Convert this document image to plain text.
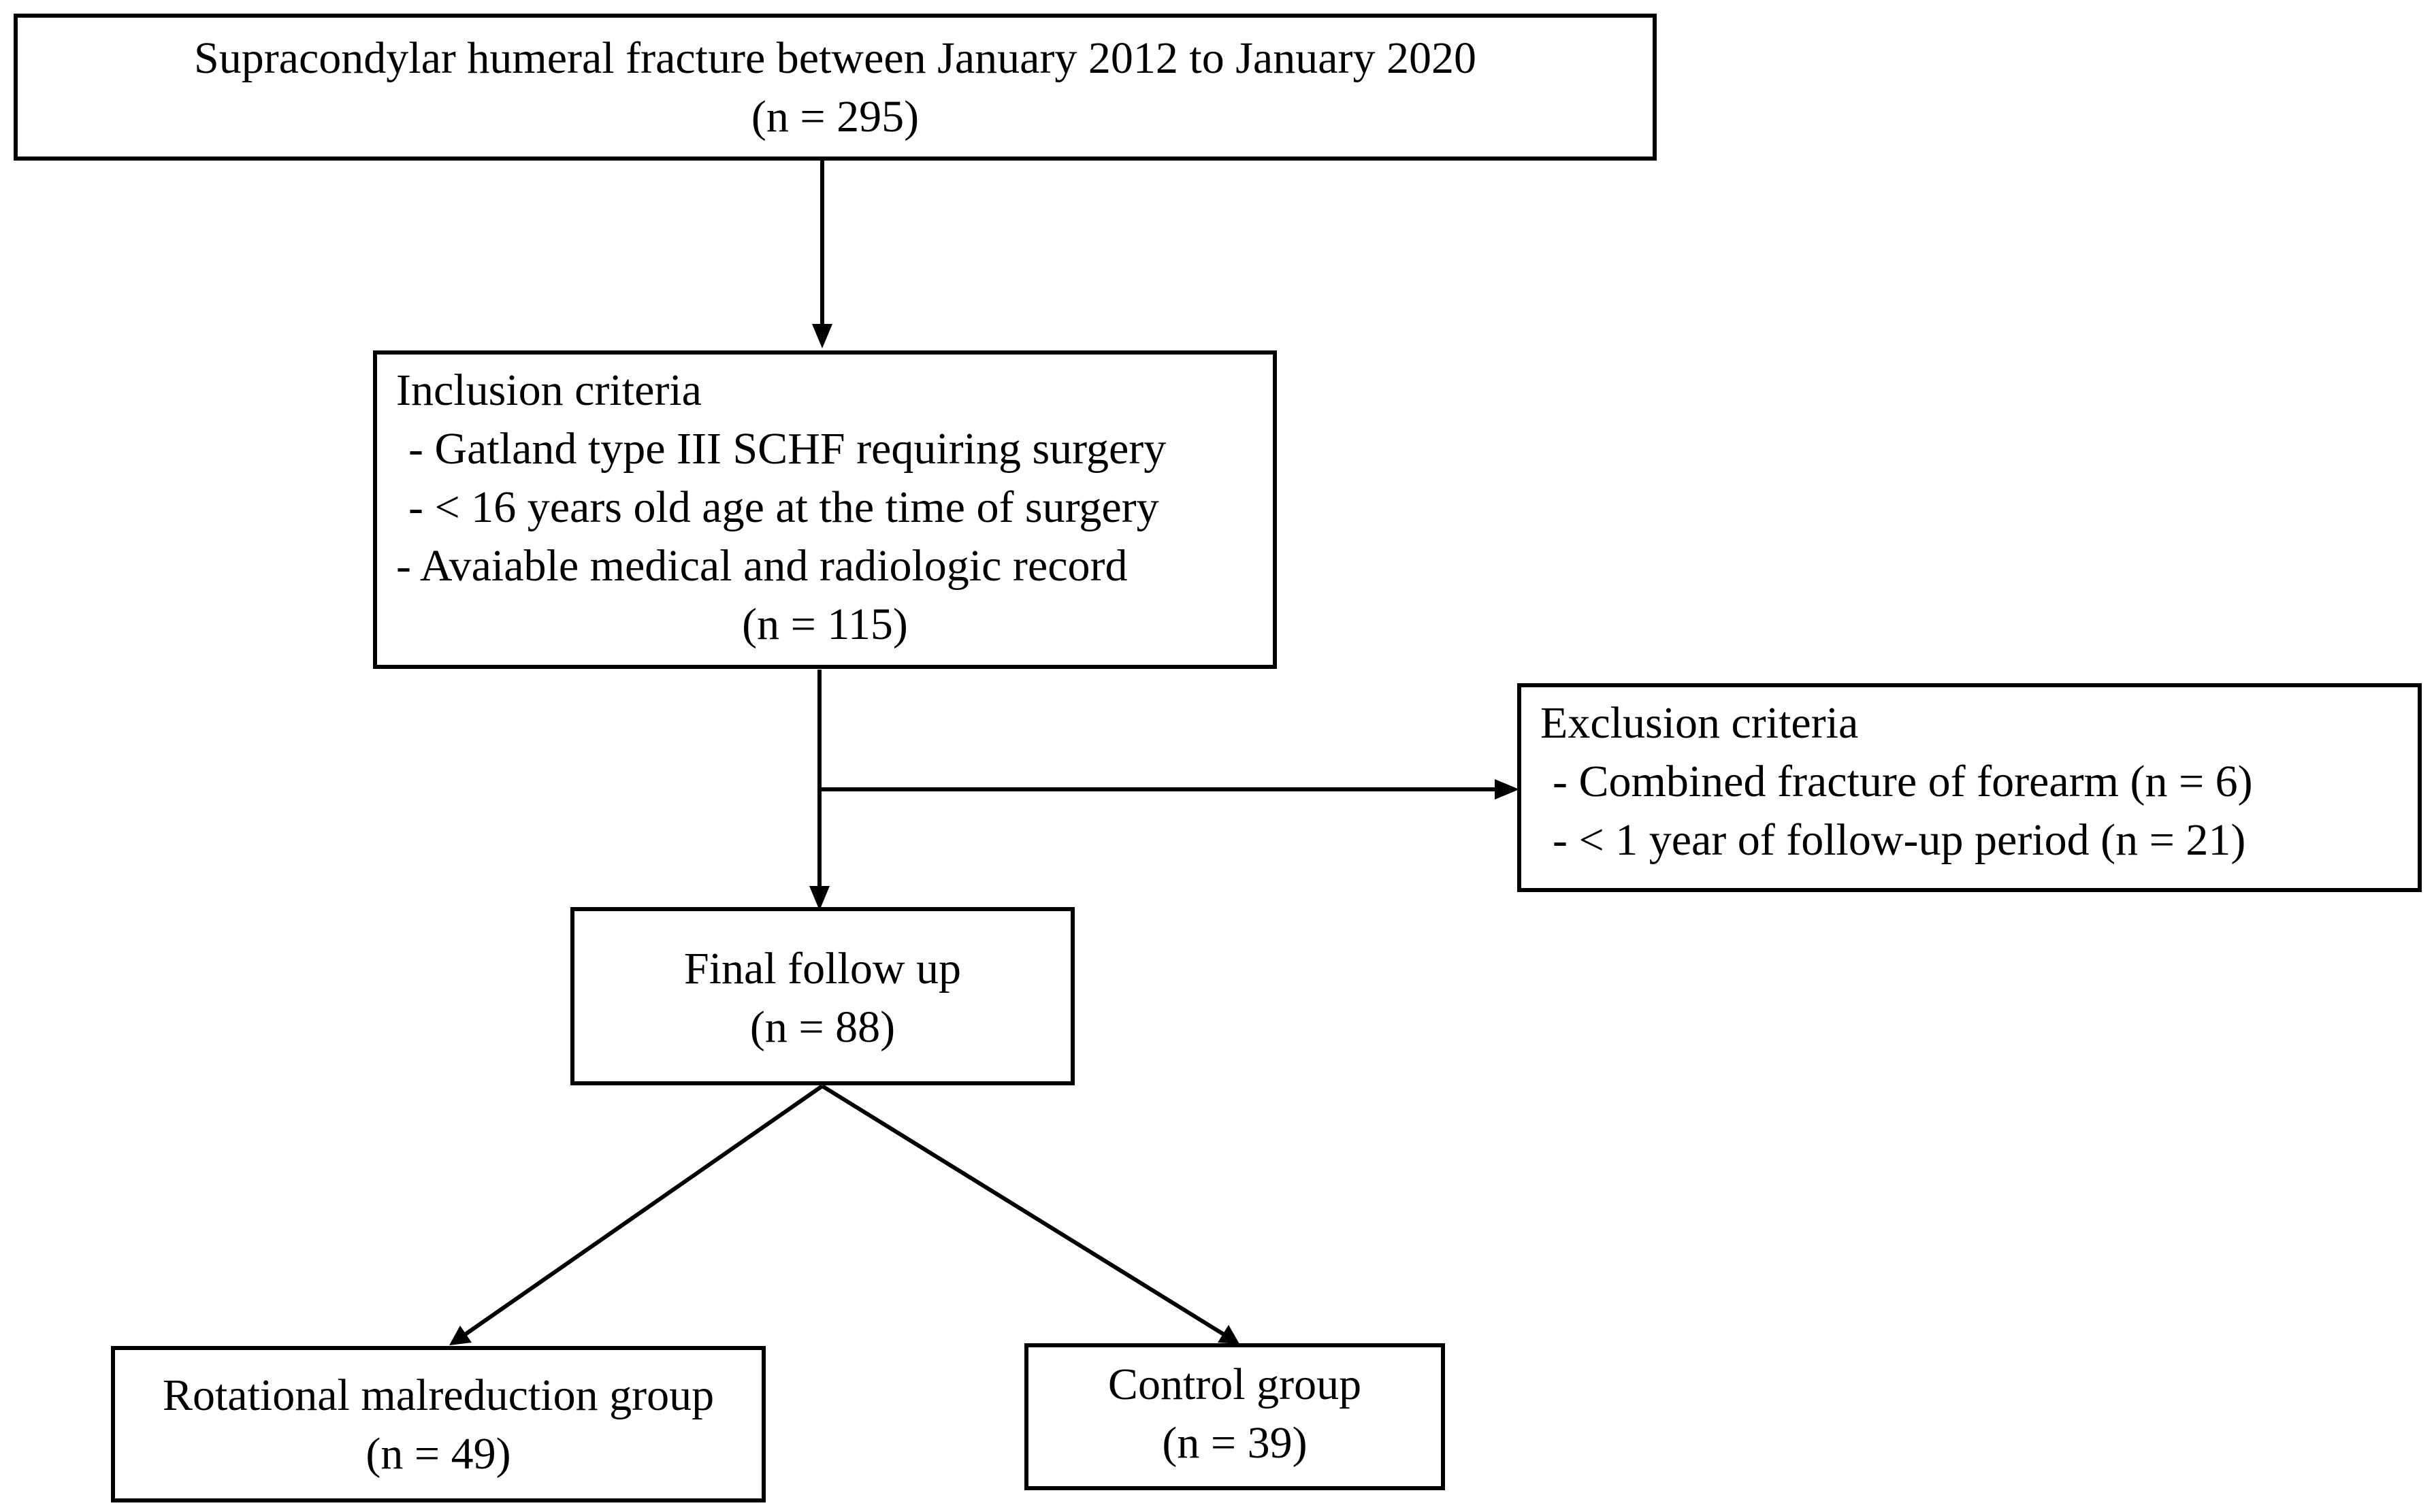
Supracondylar humeral fracture between January 2012 to January 2020
(n = 295)
Inclusion criteria
- Gatland type III SCHF requiring surgery
- < 16 years old age at the time of surgery
- Avaiable medical and radiologic record
(n = 115)
Exclusion criteria
- Combined fracture of forearm (n = 6)
- < 1 year of follow-up period (n = 21)
Final follow up
(n = 88)
Rotational malreduction group
(n = 49)
Control group
(n = 39)
